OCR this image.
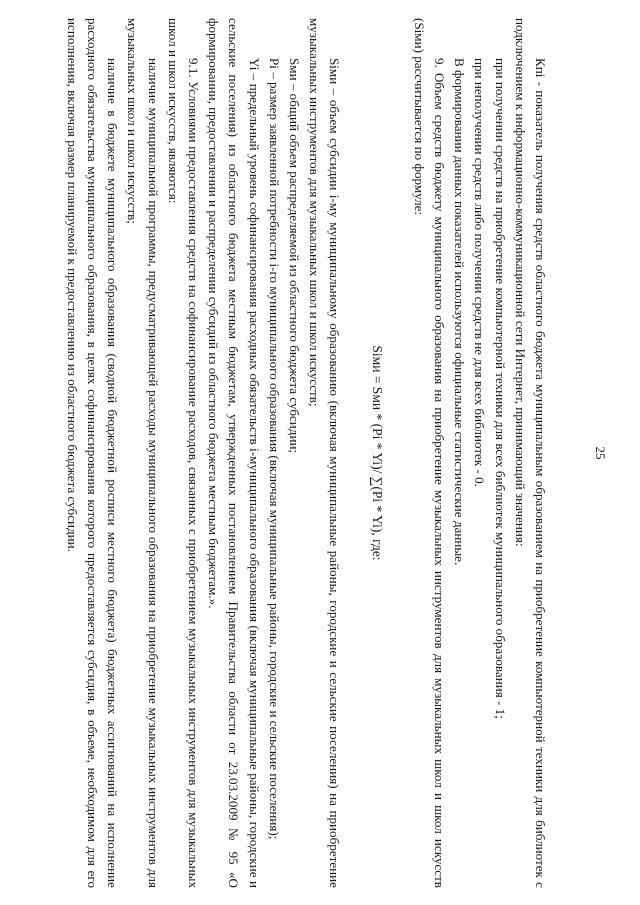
25

Кпi - показатель получения средств областного бюджета муниципальным образованием на приобретение компьютерной техники для библиотек с подключением к информационно-коммуникационной сети Интернет, принимающий значения:

при получении средств на приобретение компьютерной техники для всех библиотек муниципального образования - 1;

при неполучении средств либо получении средств не для всех библиотек - 0.

В формировании данных показателей используются официальные статистические данные.

9. Объем средств бюджету муниципального образования на приобретение музыкальных инструментов для музыкальных школ и школ искусств (Siми) рассчитывается по формуле:

Siми = Sми * (Pi * Yi)/ ∑(Pi * Yi), где:

Siми – объем субсидии i-му муниципальному образованию (включая муниципальные районы, городские и сельские поселения) на приобретение музыкальных инструментов для музыкальных школ и школ искусств;

Sми – общий объем распределяемой из областного бюджета субсидии;

Pi – размер заявленной потребности i-го муниципального образования (включая муниципальные районы, городские и сельские поселения);

Yi – предельный уровень софинансирования расходных обязательств i-муниципального образования (включая муниципальные районы, городские и сельские поселения) из областного бюджета местным бюджетам, утвержденных постановлением Правительства области от 23.03.2009 № 95 «О формировании, предоставлении и распределении субсидий из областного бюджета местным бюджетам.».

9.1. Условиями предоставления средств на софинансирование расходов, связанных с приобретением музыкальных инструментов для музыкальных школ и школ искусств, являются:

наличие муниципальной программы, предусматривающей расходы муниципального образования на приобретение музыкальных инструментов для музыкальных школ и школ искусств;

наличие в бюджете муниципального образования (сводной бюджетной росписи местного бюджета) бюджетных ассигнований на исполнение расходного обязательства муниципального образования, в целях софинансирования которого предоставляется субсидия, в объеме, необходимом для его исполнения, включая размер планируемой к предоставлению из областного бюджета субсидии.
